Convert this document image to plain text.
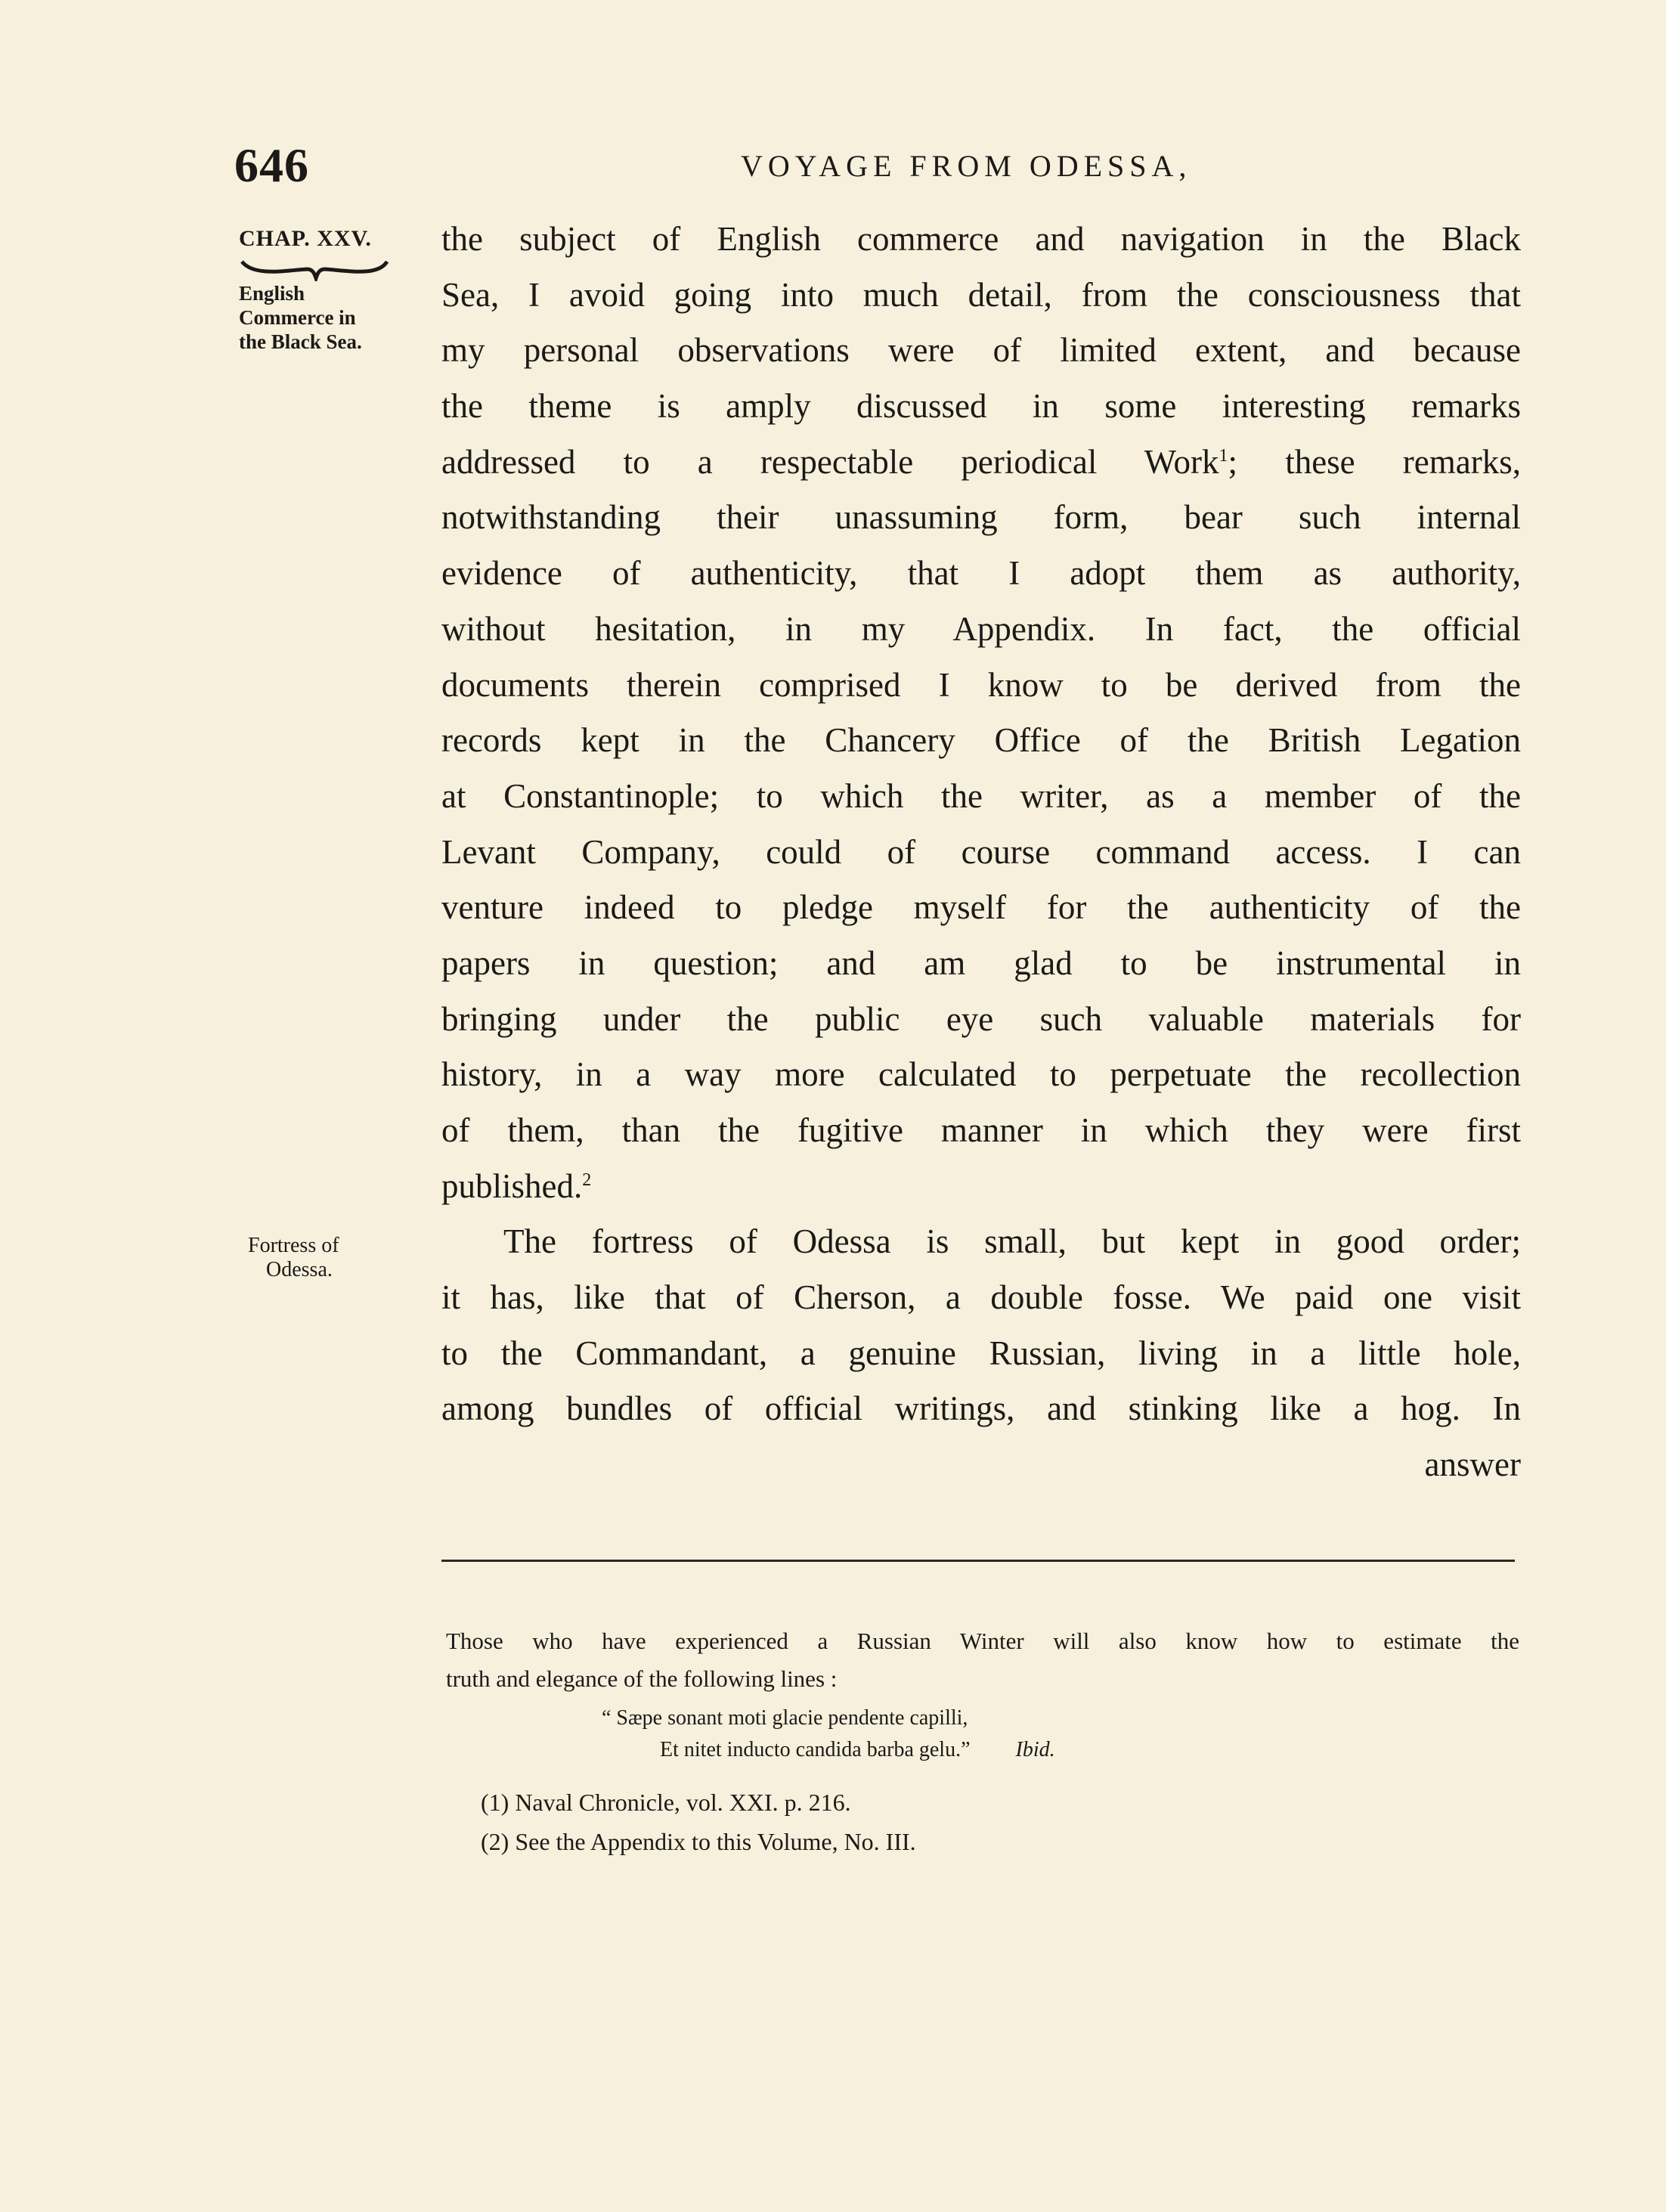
646	VOYAGE FROM ODESSA,
CHAP. XXV.
English
Commerce in
the Black Sea.
Fortress of
Odessa.
the subject of English commerce and navigation in the Black
Sea, I avoid going into much detail, from the consciousness that
my personal observations were of limited extent, and because
the theme is amply discussed in some interesting remarks
addressed to a respectable periodical Work$^1$; these remarks,
notwithstanding their unassuming form, bear such internal
evidence of authenticity, that I adopt them as authority,
without hesitation, in my Appendix. In fact, the official
documents therein comprised I know to be derived from the
records kept in the Chancery Office of the British Legation
at Constantinople; to which the writer, as a member of the
Levant Company, could of course command access. I can
venture indeed to pledge myself for the authenticity of the
papers in question; and am glad to be instrumental in
bringing under the public eye such valuable materials for
history, in a way more calculated to perpetuate the recollection
of them, than the fugitive manner in which they were first
published.$^2$
The fortress of Odessa is small, but kept in good order;
it has, like that of Cherson, a double fosse. We paid one visit
to the Commandant, a genuine Russian, living in a little hole,
among bundles of official writings, and stinking like a hog. In
answer
Those who have experienced a Russian Winter will also know how to estimate the
truth and elegance of the following lines :
“ Sæpe sonant moti glacie pendente capilli,
Et nitet inducto candida barba gelu.” Ibid.
(1) Naval Chronicle, vol. XXI. p. 216.
(2) See the Appendix to this Volume, No. III.
